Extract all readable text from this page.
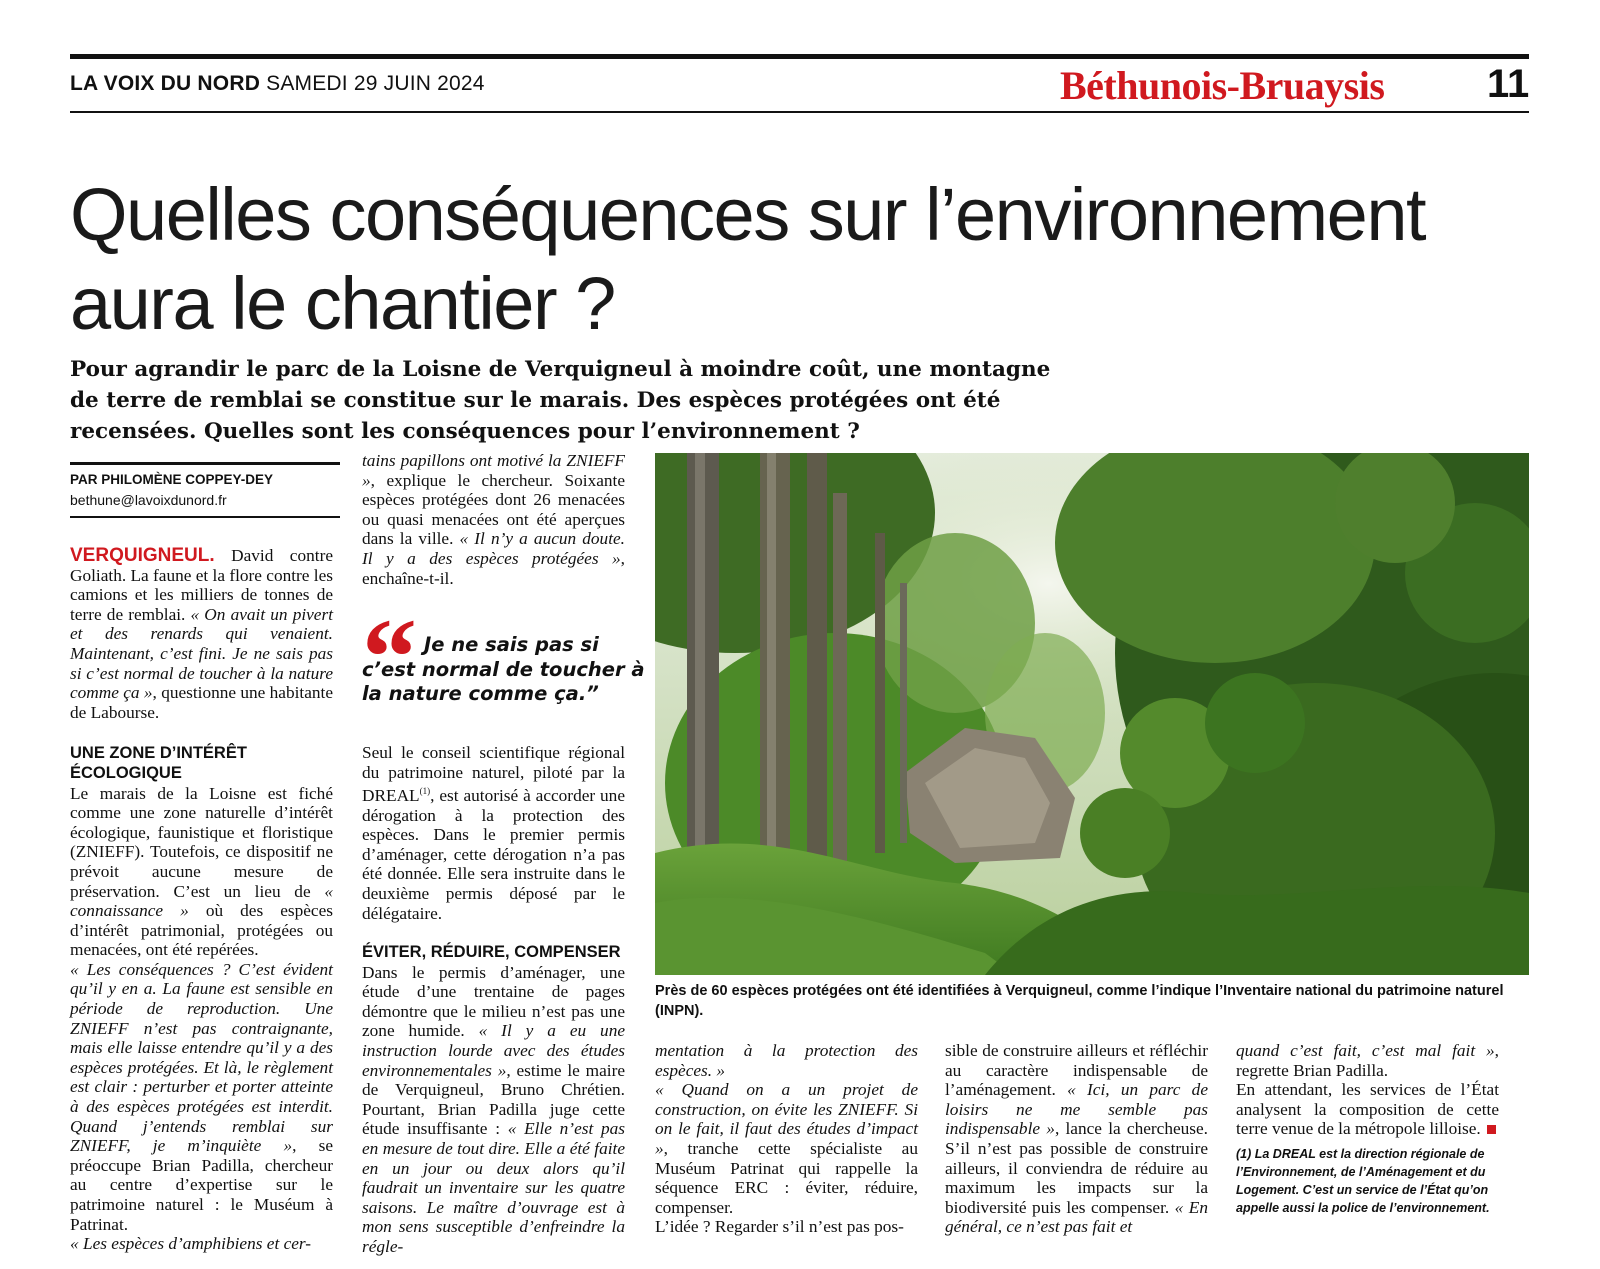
LA VOIX DU NORD SAMEDI 29 JUIN 2024	Béthunois-Bruaysis	11
Quelles conséquences sur l’environnement aura le chantier ?
Pour agrandir le parc de la Loisne de Verquigneul à moindre coût, une montagne de terre de remblai se constitue sur le marais. Des espèces protégées ont été recensées. Quelles sont les conséquences pour l’environnement ?
PAR PHILOMÈNE COPPEY-DEY
bethune@lavoixdunord.fr

VERQUIGNEUL. David contre Goliath. La faune et la flore contre les camions et les milliers de tonnes de terre de remblai. « On avait un pivert et des renards qui venaient. Maintenant, c’est fini. Je ne sais pas si c’est normal de toucher à la nature comme ça », questionne une habitante de Labourse.

UNE ZONE D’INTÉRÊT ÉCOLOGIQUE

Le marais de la Loisne est fiché comme une zone naturelle d’intérêt écologique, faunistique et floristique (ZNIEFF). Toutefois, ce dispositif ne prévoit aucune mesure de préservation. C’est un lieu de « connaissance » où des espèces d’intérêt patrimonial, protégées ou menacées, ont été repérées.

« Les conséquences ? C’est évident qu’il y en a. La faune est sensible en période de reproduction. Une ZNIEFF n’est pas contraignante, mais elle laisse entendre qu’il y a des espèces protégées. Et là, le règlement est clair : perturber et porter atteinte à des espèces protégées est interdit. Quand j’entends remblai sur ZNIEFF, je m’inquiète », se préoccupe Brian Padilla, chercheur au centre d’expertise sur le patrimoine naturel : le Muséum à Patrinat.

« Les espèces d’amphibiens et cer-

tains papillons ont motivé la ZNIEFF », explique le chercheur. Soixante espèces protégées dont 26 menacées ou quasi menacées ont été aperçues dans la ville. « Il n’y a aucun doute. Il y a des espèces protégées », enchaîne-t-il.

“ Je ne sais pas si c’est normal de toucher à la nature comme ça.”

Seul le conseil scientifique régional du patrimoine naturel, piloté par la DREAL$^{(1)}$, est autorisé à accorder une dérogation à la protection des espèces. Dans le premier permis d’aménager, cette dérogation n’a pas été donnée. Elle sera instruite dans le deuxième permis déposé par le délégataire.

ÉVITER, RÉDUIRE, COMPENSER

Dans le permis d’aménager, une étude d’une trentaine de pages démontre que le milieu n’est pas une zone humide. « Il y a eu une instruction lourde avec des études environnementales », estime le maire de Verquigneul, Bruno Chrétien. Pourtant, Brian Padilla juge cette étude insuffisante : « Elle n’est pas en mesure de tout dire. Elle a été faite en un jour ou deux alors qu’il faudrait un inventaire sur les quatre saisons. Le maître d’ouvrage est à mon sens susceptible d’enfreindre la régle-

Près de 60 espèces protégées ont été identifiées à Verquigneul, comme l’indique l’Inventaire national du patrimoine naturel (INPN).

mentation à la protection des espèces. »

« Quand on a un projet de construction, on évite les ZNIEFF. Si on le fait, il faut des études d’impact », tranche cette spécialiste au Muséum Patrinat qui rappelle la séquence ERC : éviter, réduire, compenser.

L’idée ? Regarder s’il n’est pas pos-

sible de construire ailleurs et réfléchir au caractère indispensable de l’aménagement. « Ici, un parc de loisirs ne me semble pas indispensable », lance la chercheuse. S’il n’est pas possible de construire ailleurs, il conviendra de réduire au maximum les impacts sur la biodiversité puis les compenser. « En général, ce n’est pas fait et

quand c’est fait, c’est mal fait », regrette Brian Padilla.

En attendant, les services de l’État analysent la composition de cette terre venue de la métropole lilloise.

(1) La DREAL est la direction régionale de l’Environnement, de l’Aménagement et du Logement. C’est un service de l’État qu’on appelle aussi la police de l’environnement.
